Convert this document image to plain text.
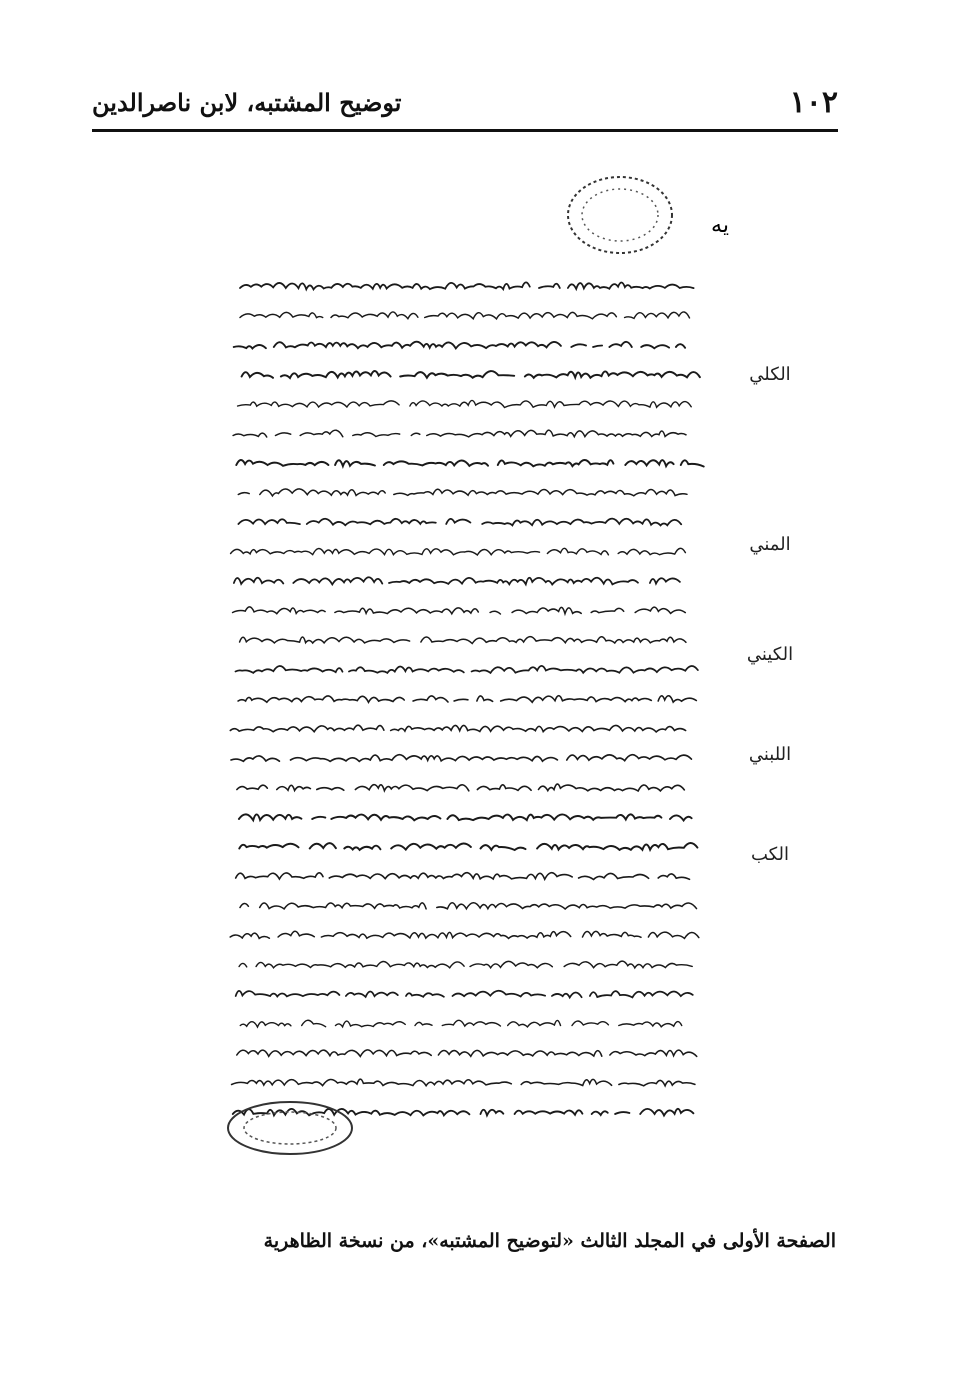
١٠٢
توضيح المشتبه، لابن ناصرالدين
يه
الكلي
المني
الكيني
اللبني
الكب
الصفحة الأولى في المجلد الثالث «لتوضيح المشتبه»، من نسخة الظاهرية
